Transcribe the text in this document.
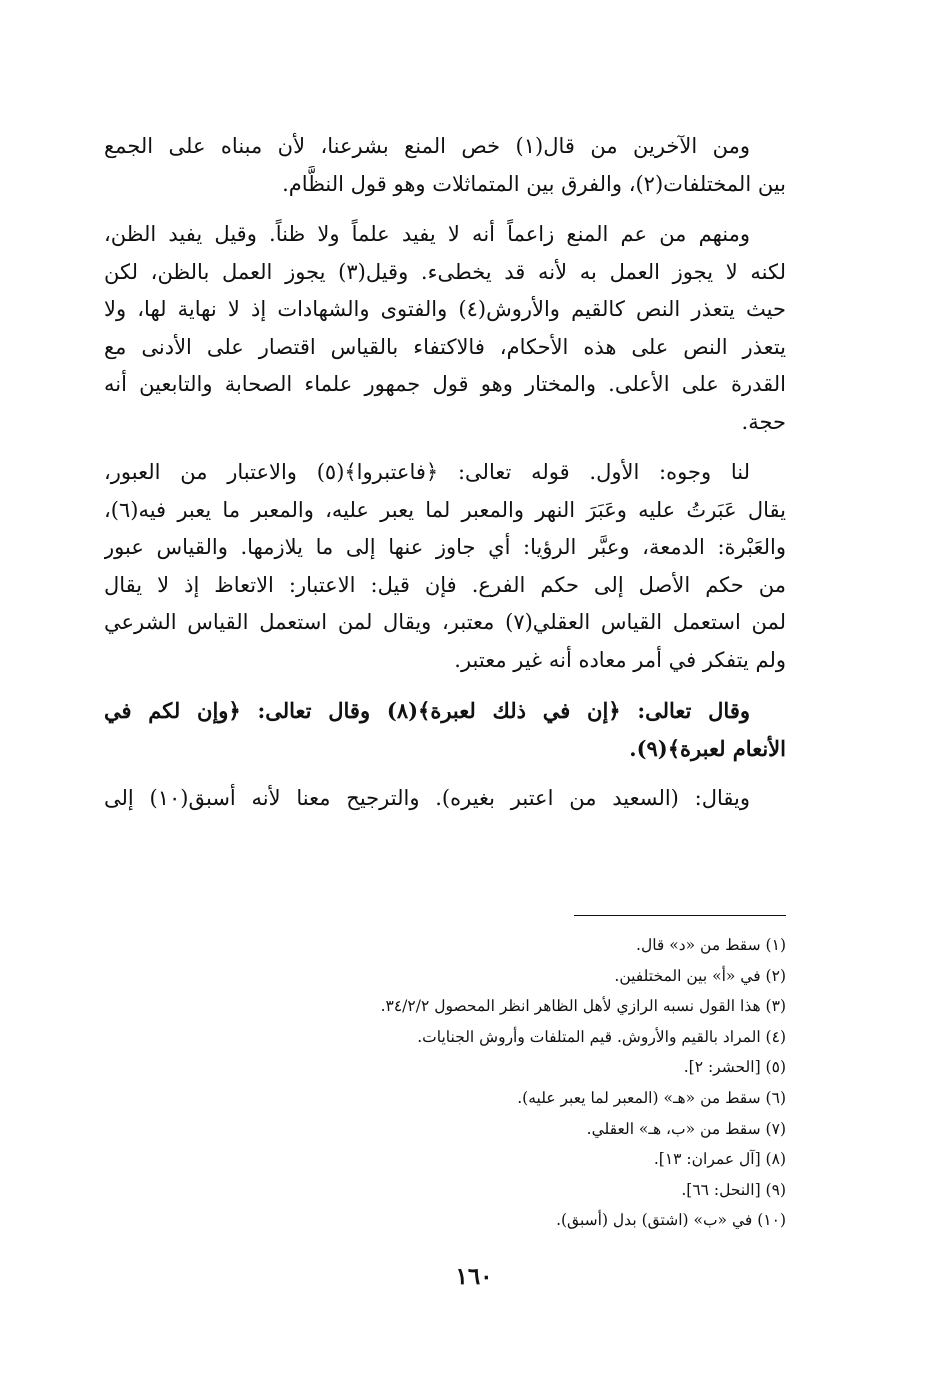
ومن الآخرين من قال(١) خص المنع بشرعنا، لأن مبناه على الجمع
بين المختلفات(٢)، والفرق بين المتماثلات وهو قول النظَّام.
ومنهم من عم المنع زاعماً أنه لا يفيد علماً ولا ظناً. وقيل يفيد الظن،
لكنه لا يجوز العمل به لأنه قد يخطىء. وقيل(٣) يجوز العمل بالظن، لكن
حيث يتعذر النص كالقيم والأروش(٤) والفتوى والشهادات إذ لا نهاية لها، ولا
يتعذر النص على هذه الأحكام، فالاكتفاء بالقياس اقتصار على الأدنى مع
القدرة على الأعلى. والمختار وهو قول جمهور علماء الصحابة والتابعين أنه
حجة.
لنا وجوه: الأول. قوله تعالى: ﴿فاعتبروا﴾(٥) والاعتبار من العبور،
يقال عَبَرتُ عليه وعَبَرَ النهر والمعبر لما يعبر عليه، والمعبر ما يعبر فيه(٦)،
والعَبْرة: الدمعة، وعبَّر الرؤيا: أي جاوز عنها إلى ما يلازمها. والقياس عبور
من حكم الأصل إلى حكم الفرع. فإن قيل: الاعتبار: الاتعاظ إذ لا يقال
لمن استعمل القياس العقلي(٧) معتبر، ويقال لمن استعمل القياس الشرعي
ولم يتفكر في أمر معاده أنه غير معتبر.
وقال تعالى: ﴿إن في ذلك لعبرة﴾(٨) وقال تعالى: ﴿وإن لكم في
الأنعام لعبرة﴾(٩).
ويقال: (السعيد من اعتبر بغيره). والترجيح معنا لأنه أسبق(١٠) إلى
(١) سقط من «د» قال.
(٢) في «أ» بين المختلفين.
(٣) هذا القول نسبه الرازي لأهل الظاهر انظر المحصول ٣٤/٢/٢.
(٤) المراد بالقيم والأروش. قيم المتلفات وأروش الجنايات.
(٥) [الحشر: ٢].
(٦) سقط من «هـ» (المعبر لما يعبر عليه).
(٧) سقط من «ب، هـ» العقلي.
(٨) [آل عمران: ١٣].
(٩) [النحل: ٦٦].
(١٠) في «ب» (اشتق) بدل (أسبق).
١٦٠
